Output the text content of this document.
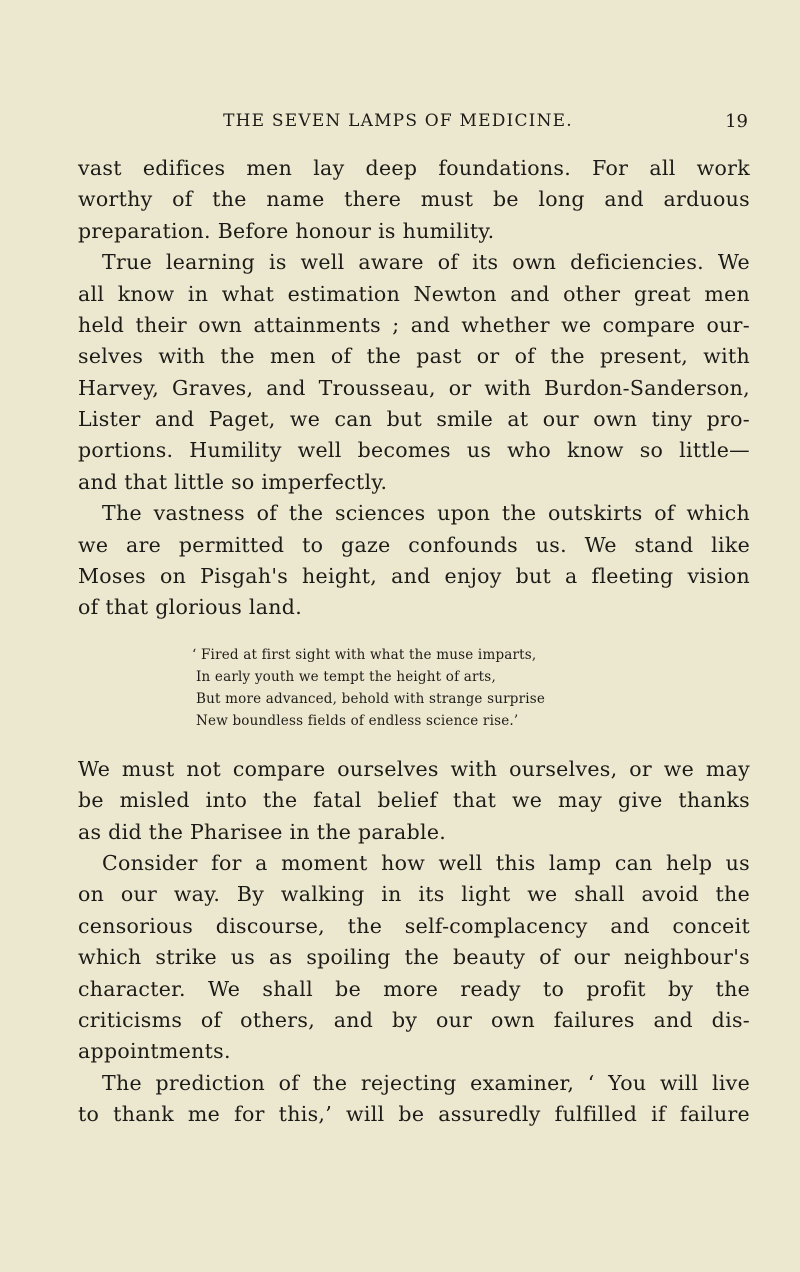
THE SEVEN LAMPS OF MEDICINE.	19
vast edifices men lay deep foundations. For all work
worthy of the name there must be long and arduous
preparation. Before honour is humility.
True learning is well aware of its own deficiencies. We
all know in what estimation Newton and other great men
held their own attainments ; and whether we compare our-
selves with the men of the past or of the present, with
Harvey, Graves, and Trousseau, or with Burdon-Sanderson,
Lister and Paget, we can but smile at our own tiny pro-
portions. Humility well becomes us who know so little—
and that little so imperfectly.
The vastness of the sciences upon the outskirts of which
we are permitted to gaze confounds us. We stand like
Moses on Pisgah's height, and enjoy but a fleeting vision
of that glorious land.
‘ Fired at first sight with what the muse imparts,
In early youth we tempt the height of arts,
But more advanced, behold with strange surprise
New boundless fields of endless science rise.’
We must not compare ourselves with ourselves, or we may
be misled into the fatal belief that we may give thanks
as did the Pharisee in the parable.
Consider for a moment how well this lamp can help us
on our way. By walking in its light we shall avoid the
censorious discourse, the self-complacency and conceit
which strike us as spoiling the beauty of our neighbour's
character. We shall be more ready to profit by the
criticisms of others, and by our own failures and dis-
appointments.
The prediction of the rejecting examiner, ‘ You will live
to thank me for this,’ will be assuredly fulfilled if failure
